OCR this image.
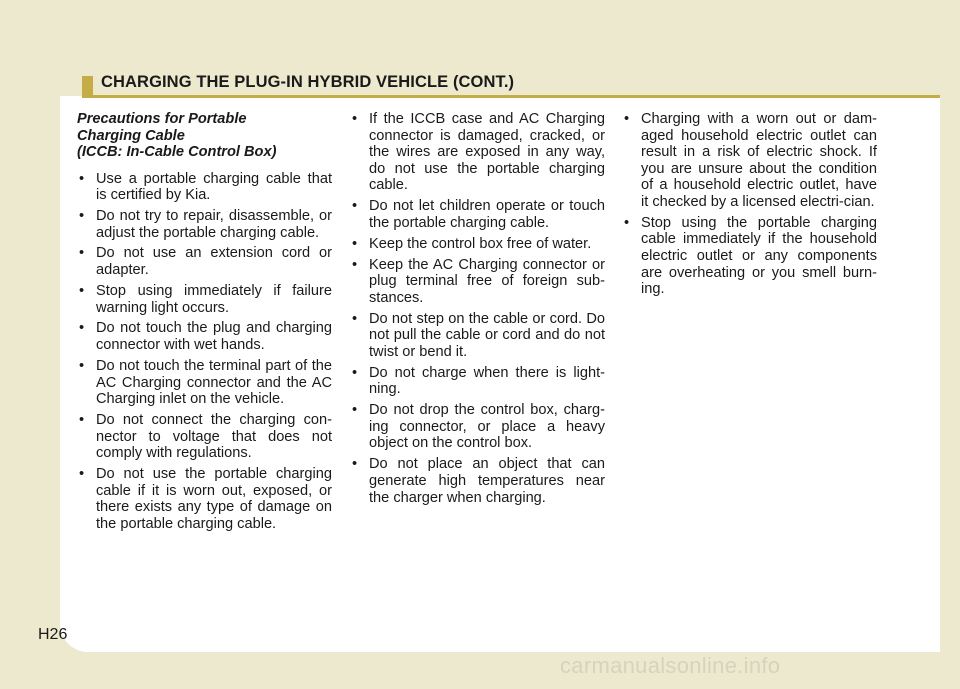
CHARGING THE PLUG-IN HYBRID VEHICLE (CONT.)
Precautions for Portable
Charging Cable
(ICCB: In-Cable Control Box)
• Use a portable charging cable that is certified by Kia.
• Do not try to repair, disassemble, or adjust the portable charging cable.
• Do not use an extension cord or adapter.
• Stop using immediately if failure warning light occurs.
• Do not touch the plug and charging connector with wet hands.
• Do not touch the terminal part of the AC Charging connector and the AC Charging inlet on the vehicle.
• Do not connect the charging con-nector to voltage that does not comply with regulations.
• Do not use the portable charging cable if it is worn out, exposed, or there exists any type of damage on the portable charging cable.
• If the ICCB case and AC Charging connector is damaged, cracked, or the wires are exposed in any way, do not use the portable charging cable.
• Do not let children operate or touch the portable charging cable.
• Keep the control box free of water.
• Keep the AC Charging connector or plug terminal free of foreign sub-stances.
• Do not step on the cable or cord. Do not pull the cable or cord and do not twist or bend it.
• Do not charge when there is light-ning.
• Do not drop the control box, charg-ing connector, or place a heavy object on the control box.
• Do not place an object that can generate high temperatures near the charger when charging.
• Charging with a worn out or dam-aged household electric outlet can result in a risk of electric shock. If you are unsure about the condition of a household electric outlet, have it checked by a licensed electri-cian.
• Stop using the portable charging cable immediately if the household electric outlet or any components are overheating or you smell burn-ing.
H26
carmanualsonline.info
